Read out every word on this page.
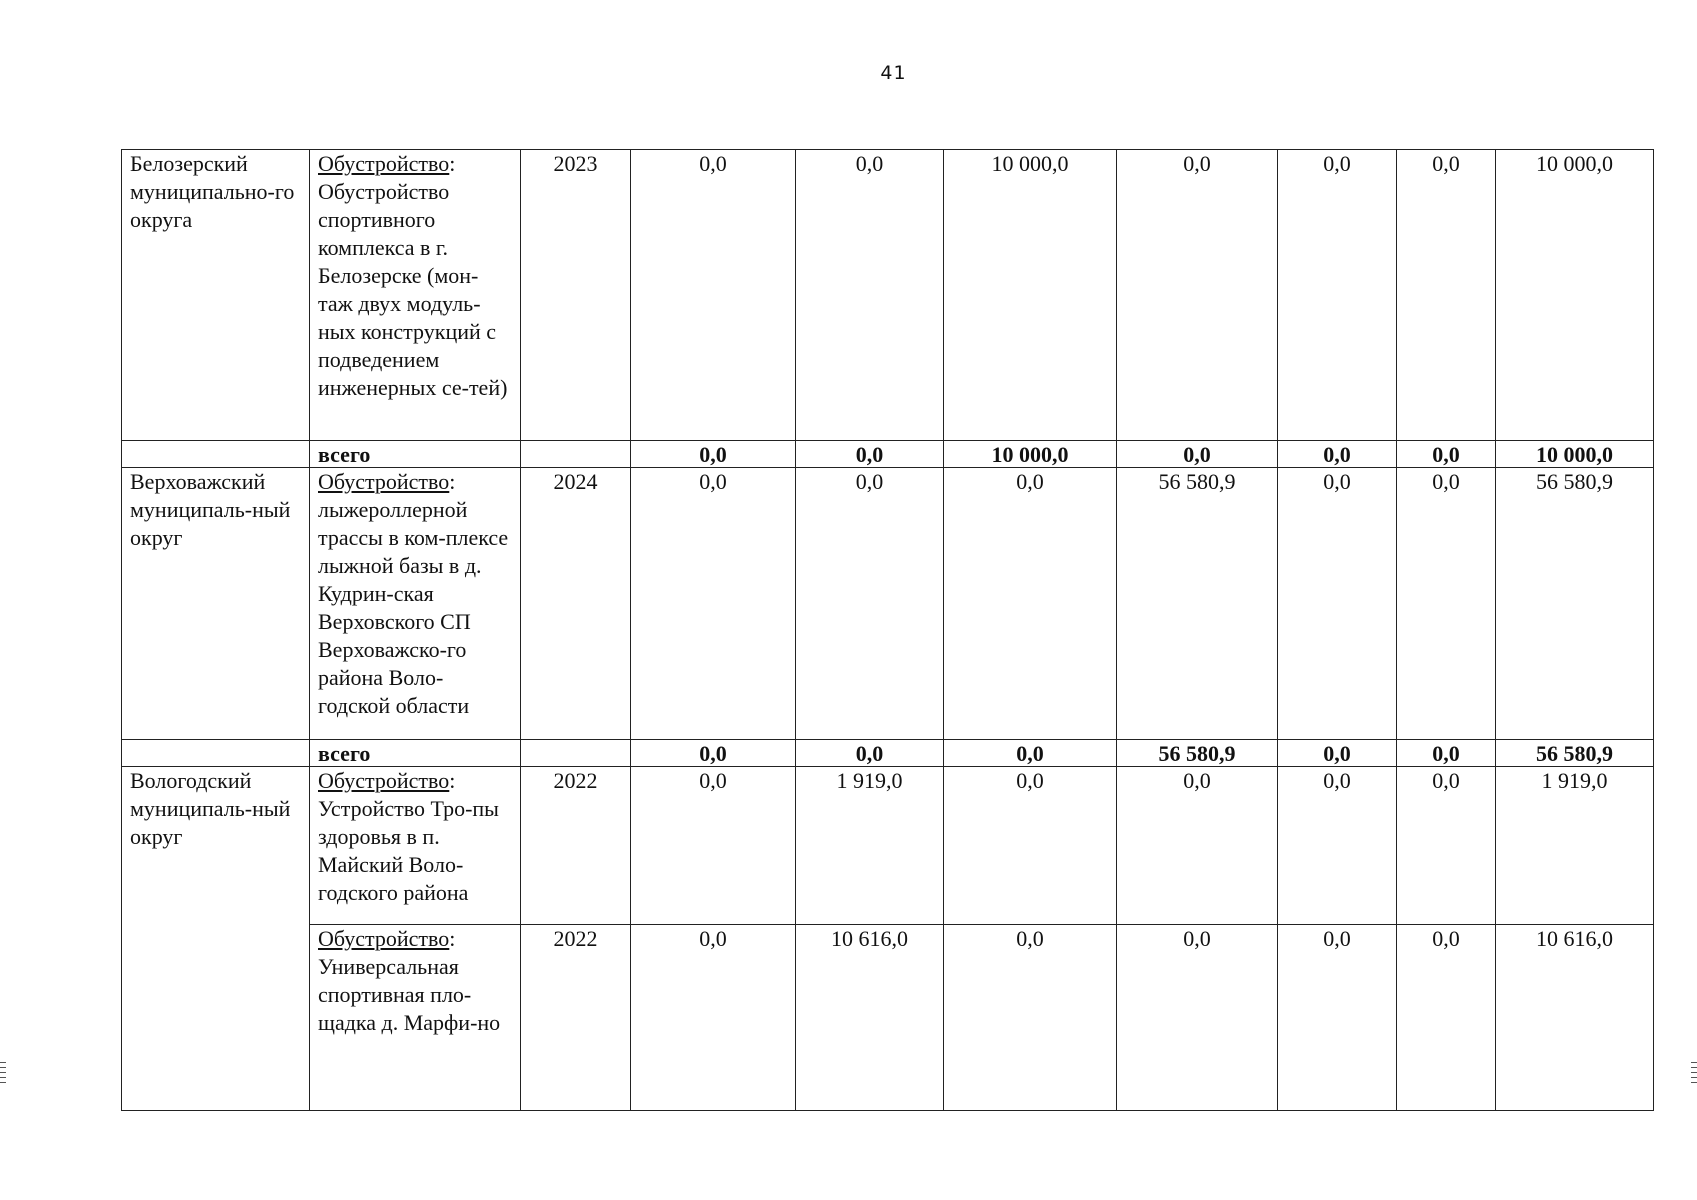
41
Белозерский муниципально-го округа	Обустройство: Обустройство спортивного комплекса в г. Белозерске (мон-таж двух модуль-ных конструкций с подведением инженерных се-тей)	2023	0,0	0,0	10 000,0	0,0	0,0	0,0	10 000,0
	всего		0,0	0,0	10 000,0	0,0	0,0	0,0	10 000,0
Верховажский муниципаль-ный округ	Обустройство: лыжероллерной трассы в ком-плексе лыжной базы в д. Кудрин-ская Верховского СП Верховажско-го района Воло-годской области	2024	0,0	0,0	0,0	56 580,9	0,0	0,0	56 580,9
	всего		0,0	0,0	0,0	56 580,9	0,0	0,0	56 580,9
Вологодский муниципаль-ный округ	Обустройство: Устройство Тро-пы здоровья в п. Майский Воло-годского района	2022	0,0	1 919,0	0,0	0,0	0,0	0,0	1 919,0
	Обустройство: Универсальная спортивная пло-щадка д. Марфи-но	2022	0,0	10 616,0	0,0	0,0	0,0	0,0	10 616,0
